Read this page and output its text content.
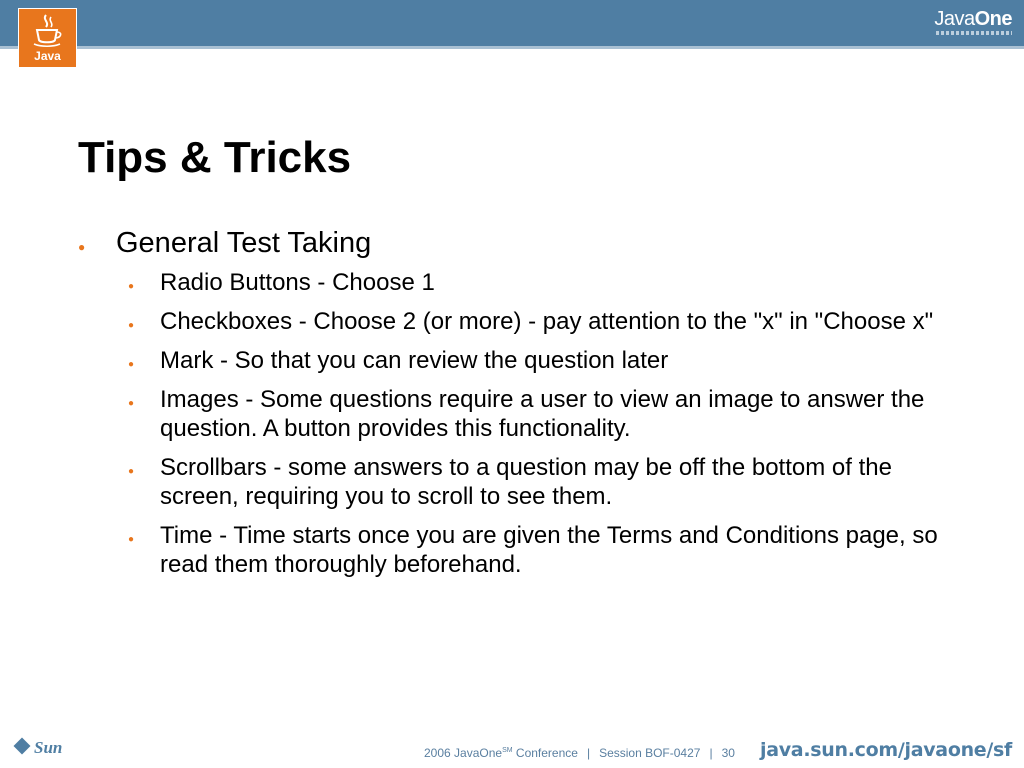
JavaOne
Java
Tips & Tricks
● General Test Taking
● Radio Buttons - Choose 1
● Checkboxes - Choose 2 (or more) - pay attention to the "x" in "Choose x"
● Mark - So that you can review the question later
● Images - Some questions require a user to view an image to answer the question. A button provides this functionality.
● Scrollbars - some answers to a question may be off the bottom of the screen, requiring you to scroll to see them.
● Time - Time starts once you are given the Terms and Conditions page, so read them thoroughly beforehand.
Sun	2006 JavaOne℠ Conference | Session BOF-0427 | 30 java.sun.com/javaone/sf
